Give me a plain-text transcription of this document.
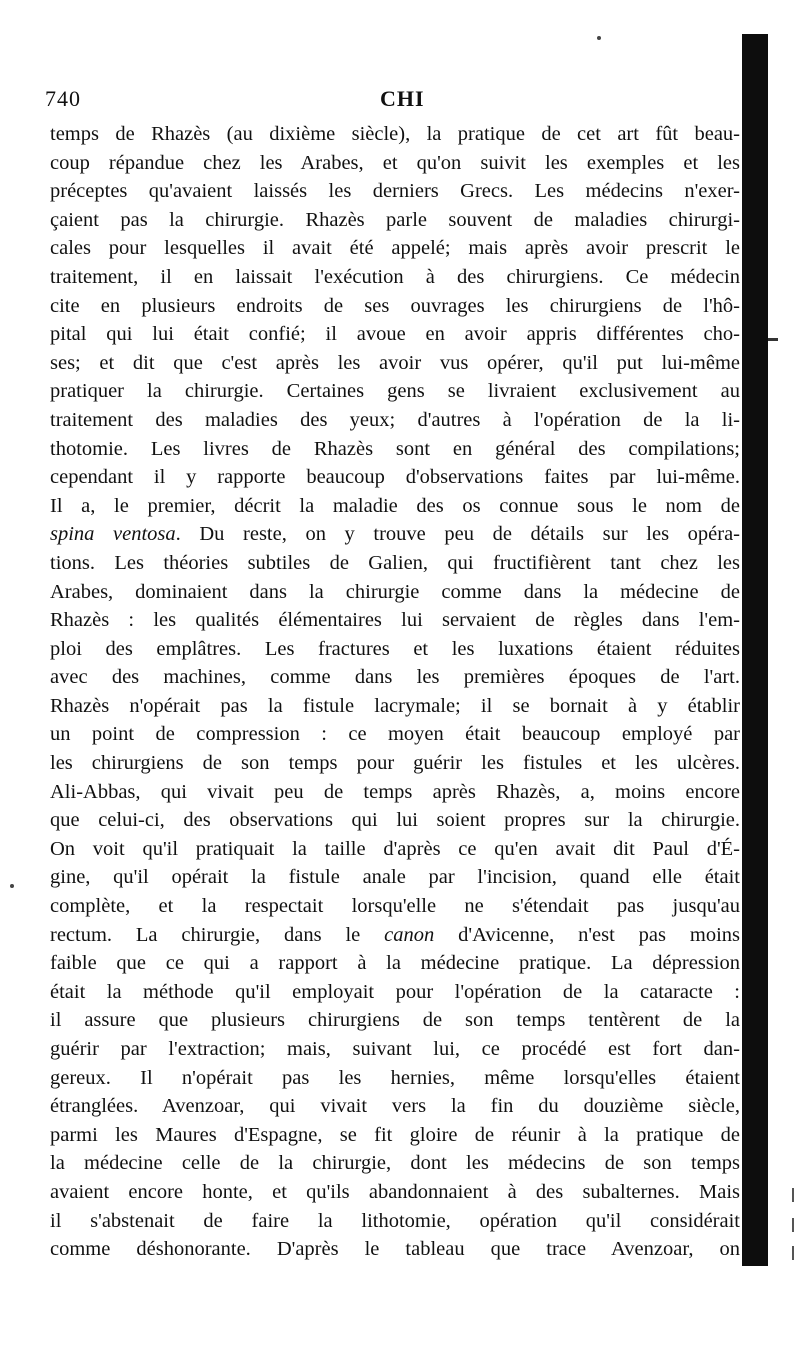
740	CHI
temps de Rhazès (au dixième siècle), la pratique de cet art fût beau-
coup répandue chez les Arabes, et qu'on suivit les exemples et les
préceptes qu'avaient laissés les derniers Grecs. Les médecins n'exer-
çaient pas la chirurgie. Rhazès parle souvent de maladies chirurgi-
cales pour lesquelles il avait été appelé; mais après avoir prescrit le
traitement, il en laissait l'exécution à des chirurgiens. Ce médecin
cite en plusieurs endroits de ses ouvrages les chirurgiens de l'hô-
pital qui lui était confié; il avoue en avoir appris différentes cho-
ses; et dit que c'est après les avoir vus opérer, qu'il put lui-même
pratiquer la chirurgie. Certaines gens se livraient exclusivement au
traitement des maladies des yeux; d'autres à l'opération de la li-
thotomie. Les livres de Rhazès sont en général des compilations;
cependant il y rapporte beaucoup d'observations faites par lui-même.
Il a, le premier, décrit la maladie des os connue sous le nom de
spina ventosa. Du reste, on y trouve peu de détails sur les opéra-
tions. Les théories subtiles de Galien, qui fructifièrent tant chez les
Arabes, dominaient dans la chirurgie comme dans la médecine de
Rhazès : les qualités élémentaires lui servaient de règles dans l'em-
ploi des emplâtres. Les fractures et les luxations étaient réduites
avec des machines, comme dans les premières époques de l'art.
Rhazès n'opérait pas la fistule lacrymale; il se bornait à y établir
un point de compression : ce moyen était beaucoup employé par
les chirurgiens de son temps pour guérir les fistules et les ulcères.
Ali-Abbas, qui vivait peu de temps après Rhazès, a, moins encore
que celui-ci, des observations qui lui soient propres sur la chirurgie.
On voit qu'il pratiquait la taille d'après ce qu'en avait dit Paul d'É-
gine, qu'il opérait la fistule anale par l'incision, quand elle était
complète, et la respectait lorsqu'elle ne s'étendait pas jusqu'au
rectum. La chirurgie, dans le canon d'Avicenne, n'est pas moins
faible que ce qui a rapport à la médecine pratique. La dépression
était la méthode qu'il employait pour l'opération de la cataracte :
il assure que plusieurs chirurgiens de son temps tentèrent de la
guérir par l'extraction; mais, suivant lui, ce procédé est fort dan-
gereux. Il n'opérait pas les hernies, même lorsqu'elles étaient
étranglées. Avenzoar, qui vivait vers la fin du douzième siècle,
parmi les Maures d'Espagne, se fit gloire de réunir à la pratique de
la médecine celle de la chirurgie, dont les médecins de son temps
avaient encore honte, et qu'ils abandonnaient à des subalternes. Mais
il s'abstenait de faire la lithotomie, opération qu'il considérait
comme déshonorante. D'après le tableau que trace Avenzoar, on
